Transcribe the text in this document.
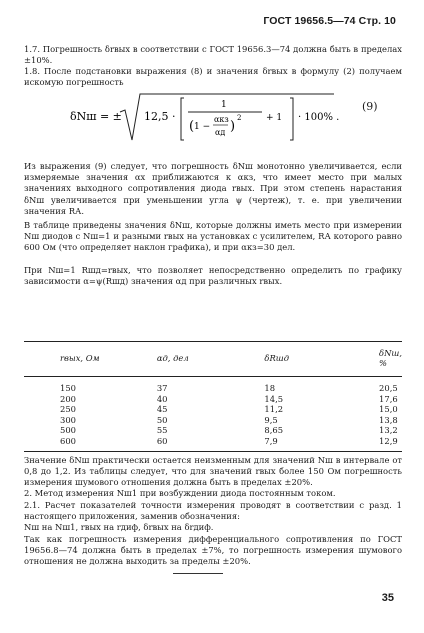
ГОСТ 19656.5—74 Стр. 10

1.7. Погрешность δrвых в соответствии с ГОСТ 19656.3—74 должна быть в пределах ±10%.

1.8. После подстановки выражения (8) и значения δrвых в формулу (2) получаем искомую погрешность

δNш = ± 12,5 ·
1
( 1 −
αкз
αд )
2	+ 1 · 100% .
(9)

Из выражения (9) следует, что погрешность δNш монотонно увеличивается, если измеряемые значения αx приближаются к αкз, что имеет место при малых значениях выходного сопротивления диода rвых. При этом степень нарастания δNш увеличивается при уменьшении угла ψ (чертеж), т. е. при увеличении значения RА.

В таблице приведены значения δNш, которые должны иметь место при измерении Nш диодов с Nш=1 и разными rвых на установках с усилителем, RА которого равно 600 Ом (что определяет наклон графика), и при αкз=30 дел.

При Nш=1 Rшд=rвых, что позволяет непосредственно определить по графику зависимости α=ψ(Rшд) значения αд при различных rвых.

rвых, Ом	αд, дел	δRшд	δNш, %
150	37	18	20,5
200	40	14,5	17,6
250	45	11,2	15,0
300	50	9,5	13,8
500	55	8,65	13,2
600	60	7,9	12,9

Значение δNш практически остается неизменным для значений Nш в интервале от 0,8 до 1,2. Из таблицы следует, что для значений rвых более 150 Ом погрешность измерения шумового отношения должна быть в пределах ±20%.

2. Метод измерения Nш1 при возбуждении диода постоянным током.

2.1. Расчет показателей точности измерения проводят в соответствии с разд. 1 настоящего приложения, заменив обозначения:

Nш на Nш1, rвых на rдиф, δrвых на δrдиф.

Так как погрешность измерения дифференциального сопротивления по ГОСТ 19656.8—74 должна быть в пределах ±7%, то погрешность измерения шумового отношения не должна выходить за пределы ±20%.

35
